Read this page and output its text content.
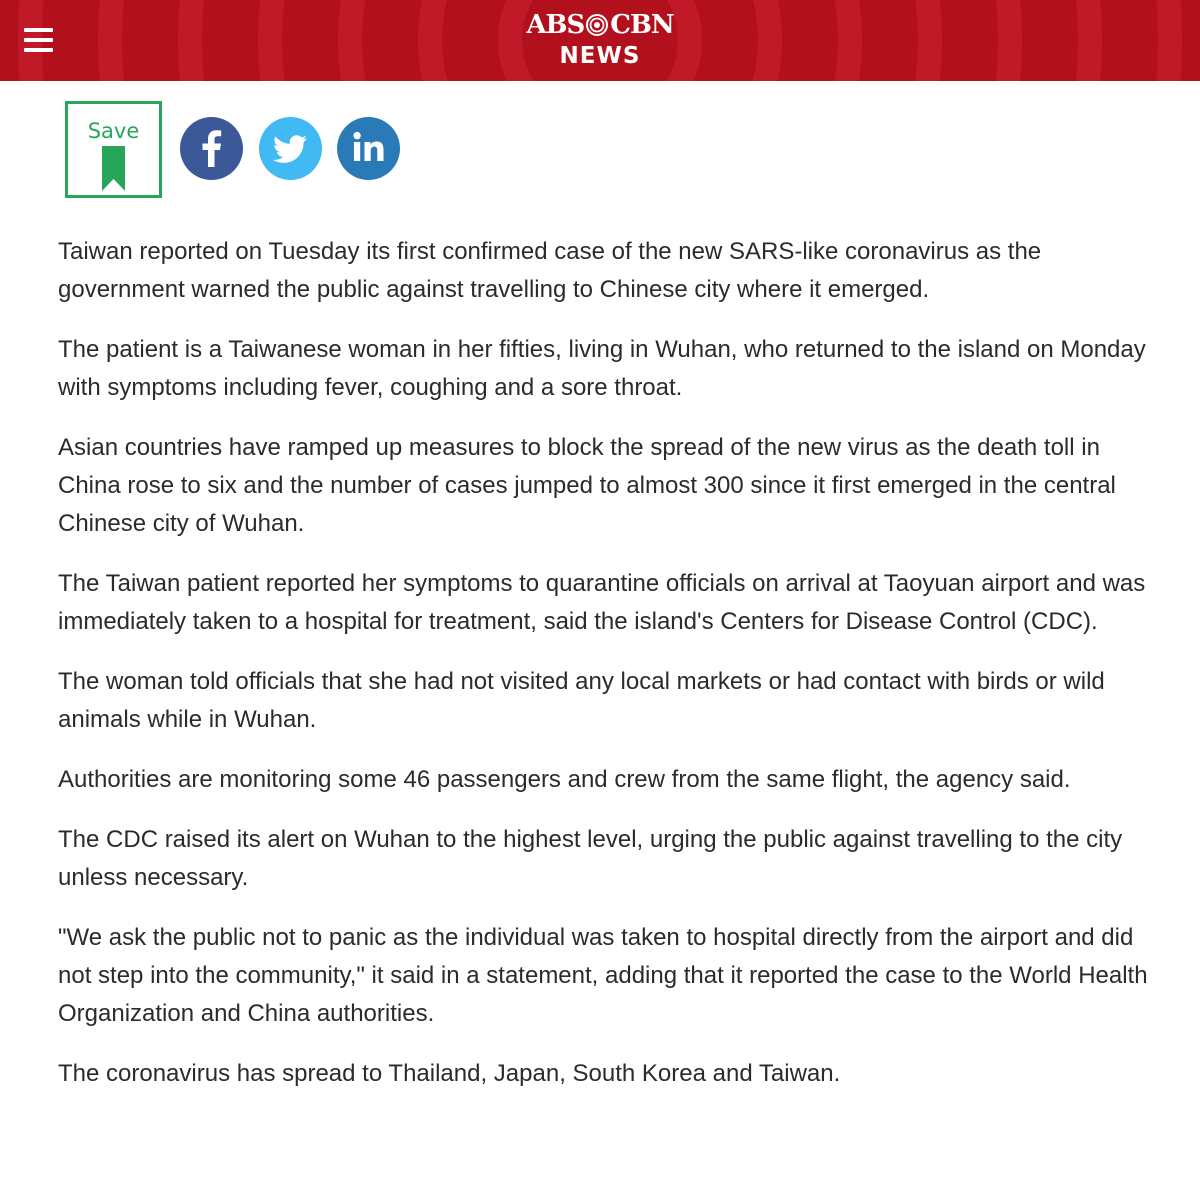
ABS CBN
NEWS
Save

Taiwan reported on Tuesday its first confirmed case of the new SARS-like coronavirus as the government warned the public against travelling to Chinese city where it emerged.

The patient is a Taiwanese woman in her fifties, living in Wuhan, who returned to the island on Monday with symptoms including fever, coughing and a sore throat.

Asian countries have ramped up measures to block the spread of the new virus as the death toll in China rose to six and the number of cases jumped to almost 300 since it first emerged in the central Chinese city of Wuhan.

The Taiwan patient reported her symptoms to quarantine officials on arrival at Taoyuan airport and was immediately taken to a hospital for treatment, said the island's Centers for Disease Control (CDC).

The woman told officials that she had not visited any local markets or had contact with birds or wild animals while in Wuhan.

Authorities are monitoring some 46 passengers and crew from the same flight, the agency said.

The CDC raised its alert on Wuhan to the highest level, urging the public against travelling to the city unless necessary.

"We ask the public not to panic as the individual was taken to hospital directly from the airport and did not step into the community," it said in a statement, adding that it reported the case to the World Health Organization and China authorities.

The coronavirus has spread to Thailand, Japan, South Korea and Taiwan.
